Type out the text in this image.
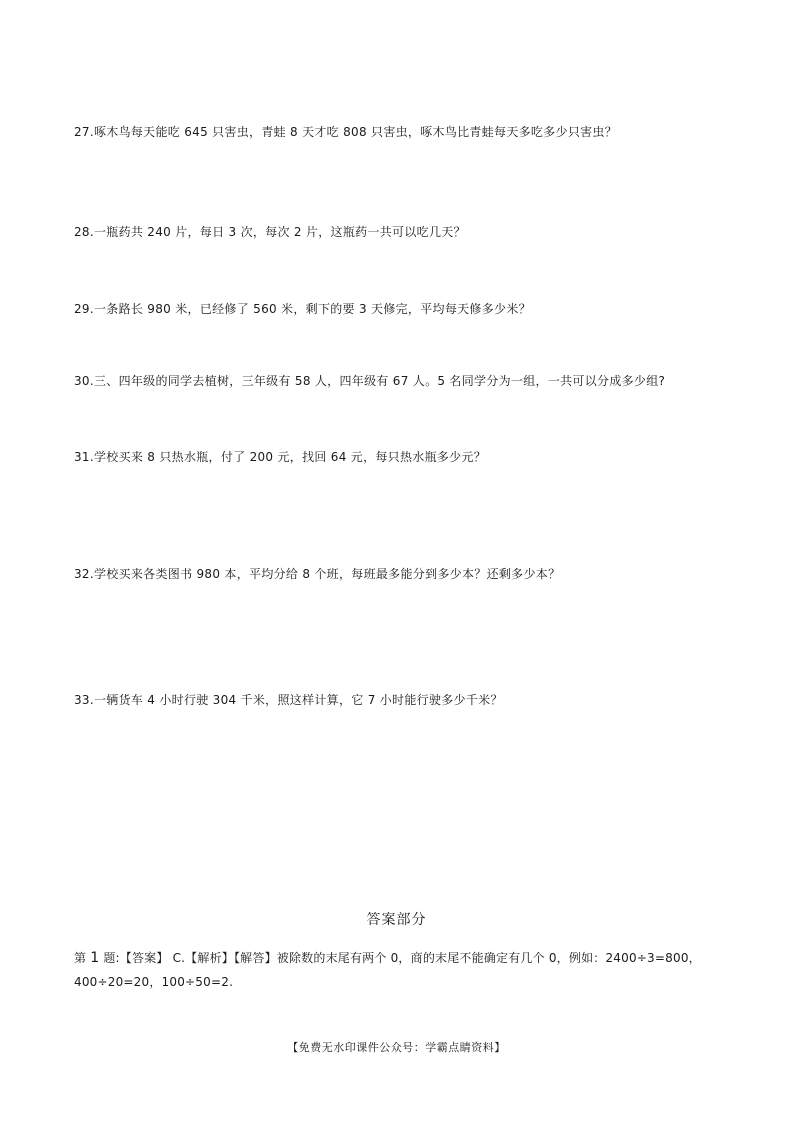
27.啄木鸟每天能吃 645 只害虫，青蛙 8 天才吃 808 只害虫，啄木鸟比青蛙每天多吃多少只害虫？
28.一瓶药共 240 片，每日 3 次，每次 2 片，这瓶药一共可以吃几天？
29.一条路长 980 米，已经修了 560 米，剩下的要 3 天修完，平均每天修多少米？
30.三、四年级的同学去植树，三年级有 58 人，四年级有 67 人。5 名同学分为一组，一共可以分成多少组?
31.学校买来 8 只热水瓶，付了 200 元，找回 64 元，每只热水瓶多少元？
32.学校买来各类图书 980 本，平均分给 8 个班，每班最多能分到多少本？还剩多少本？
33.一辆货车 4 小时行驶 304 千米，照这样计算，它 7 小时能行驶多少千米？
答案部分
第 1 题:【答案】 C.【解析】【解答】被除数的末尾有两个 0，商的末尾不能确定有几个 0，例如：2400÷3=800，
400÷20=20，100÷50=2.
【免费无水印课件公众号：学霸点睛资料】
